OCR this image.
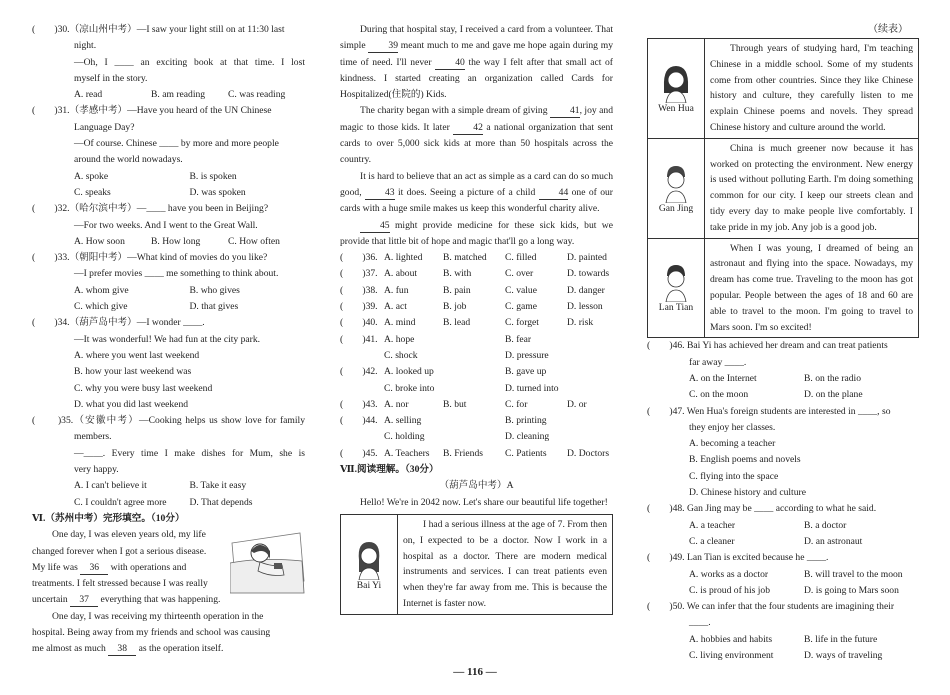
（续表）
(　　)30.（凉山州中考）—I saw your light still on at 11:30 last
night.
—Oh, I ____ an exciting book at that time. I lost
myself in the story.
A. read	B. am reading	C. was reading
(　　)31.（孝感中考）—Have you heard of the UN Chinese
Language Day?
—Of course. Chinese ____ by more and more people
around the world nowadays.
A. spoke	B. is spoken
C. speaks	D. was spoken
(　　)32.（哈尔滨中考）—____ have you been in Beijing?
—For two weeks. And I went to the Great Wall.
A. How soon	B. How long	C. How often
(　　)33.（朝阳中考）—What kind of movies do you like?
—I prefer movies ____ me something to think about.
A. whom give	B. who gives
C. which give	D. that gives
(　　)34.（葫芦岛中考）—I wonder ____.
—It was wonderful! We had fun at the city park.
A. where you went last weekend
B. how your last weekend was
C. why you were busy last weekend
D. what you did last weekend
(　　)35.（安徽中考）—Cooking helps us show love for family
members.
—____. Every time I make dishes for Mum, she is
very happy.
A. I can't believe it	B. Take it easy
C. I couldn't agree more	D. That depends
Ⅵ.（苏州中考）完形填空。（10分）
One day, I was eleven years old, my life
changed forever when I got a serious disease.
My life was 36 with operations and
treatments. I felt stressed because I was really
uncertain 37 everything that was happening.
One day, I was receiving my thirteenth operation in the
hospital. Being away from my friends and school was causing
me almost as much 38 as the operation itself.
During that hospital stay, I received a card from a volunteer. That simple 39 meant much to me and gave me hope again during my time of need. I'll never 40 the way I felt after that small act of kindness. I started creating an organization called Cards for Hospitalized(住院的) Kids.
The charity began with a simple dream of giving 41, joy and magic to those kids. It later 42 a national organization that sent cards to over 5,000 sick kids at more than 50 hospitals across the country.
It is hard to believe that an act as simple as a card can do so much good, 43 it does. Seeing a picture of a child 44 one of our cards with a huge smile makes us keep this wonderful charity alive.
45 might provide medicine for these sick kids, but we provide that little bit of hope and magic that'll go a long way.
(　　)36. A. lighted	B. matched	C. filled	D. painted
(　　)37. A. about	B. with	C. over	D. towards
(　　)38. A. fun	B. pain	C. value	D. danger
(　　)39. A. act	B. job	C. game	D. lesson
(　　)40. A. mind	B. lead	C. forget	D. risk
(　　)41. A. hope	B. fear
C. shock	D. pressure
(　　)42. A. looked up	B. gave up
C. broke into	D. turned into
(　　)43. A. nor	B. but	C. for	D. or
(　　)44. A. selling	B. printing
C. holding	D. cleaning
(　　)45. A. Teachers	B. Friends	C. Patients	D. Doctors
Ⅶ.阅读理解。（30分）
（葫芦岛中考）A
Hello! We're in 2042 now. Let's share our beautiful life together!
Bai Yi
I had a serious illness at the age of 7. From then on, I expected to be a doctor. Now I work in a hospital as a doctor. There are modern medical instruments and services. I can treat patients even when they're far away from me. This is because the Internet is faster now.
Wen Hua
Through years of studying hard, I'm teaching Chinese in a middle school. Some of my students come from other countries. Since they like Chinese history and culture, they carefully listen to me explain Chinese poems and novels. They spread Chinese history and culture around the world.
Gan Jing
China is much greener now because it has worked on protecting the environment. New energy is used without polluting Earth. I'm doing something common for our city. I keep our streets clean and tidy every day to make people live comfortably. I take pride in my job. Any job is a good job.
Lan Tian
When I was young, I dreamed of being an astronaut and flying into the space. Nowadays, my dream has come true. Traveling to the moon has got popular. People between the ages of 18 and 60 are able to travel to the moon. I'm going to travel to Mars soon. I'm so excited!
(　　)46. Bai Yi has achieved her dream and can treat patients
far away ____.
A. on the Internet	B. on the radio
C. on the moon	D. on the plane
(　　)47. Wen Hua's foreign students are interested in ____, so
they enjoy her classes.
A. becoming a teacher
B. English poems and novels
C. flying into the space
D. Chinese history and culture
(　　)48. Gan Jing may be ____ according to what he said.
A. a teacher	B. a doctor
C. a cleaner	D. an astronaut
(　　)49. Lan Tian is excited because he ____.
A. works as a doctor	B. will travel to the moon
C. is proud of his job	D. is going to Mars soon
(　　)50. We can infer that the four students are imagining their
____.
A. hobbies and habits	B. life in the future
C. living environment	D. ways of traveling
— 116 —
